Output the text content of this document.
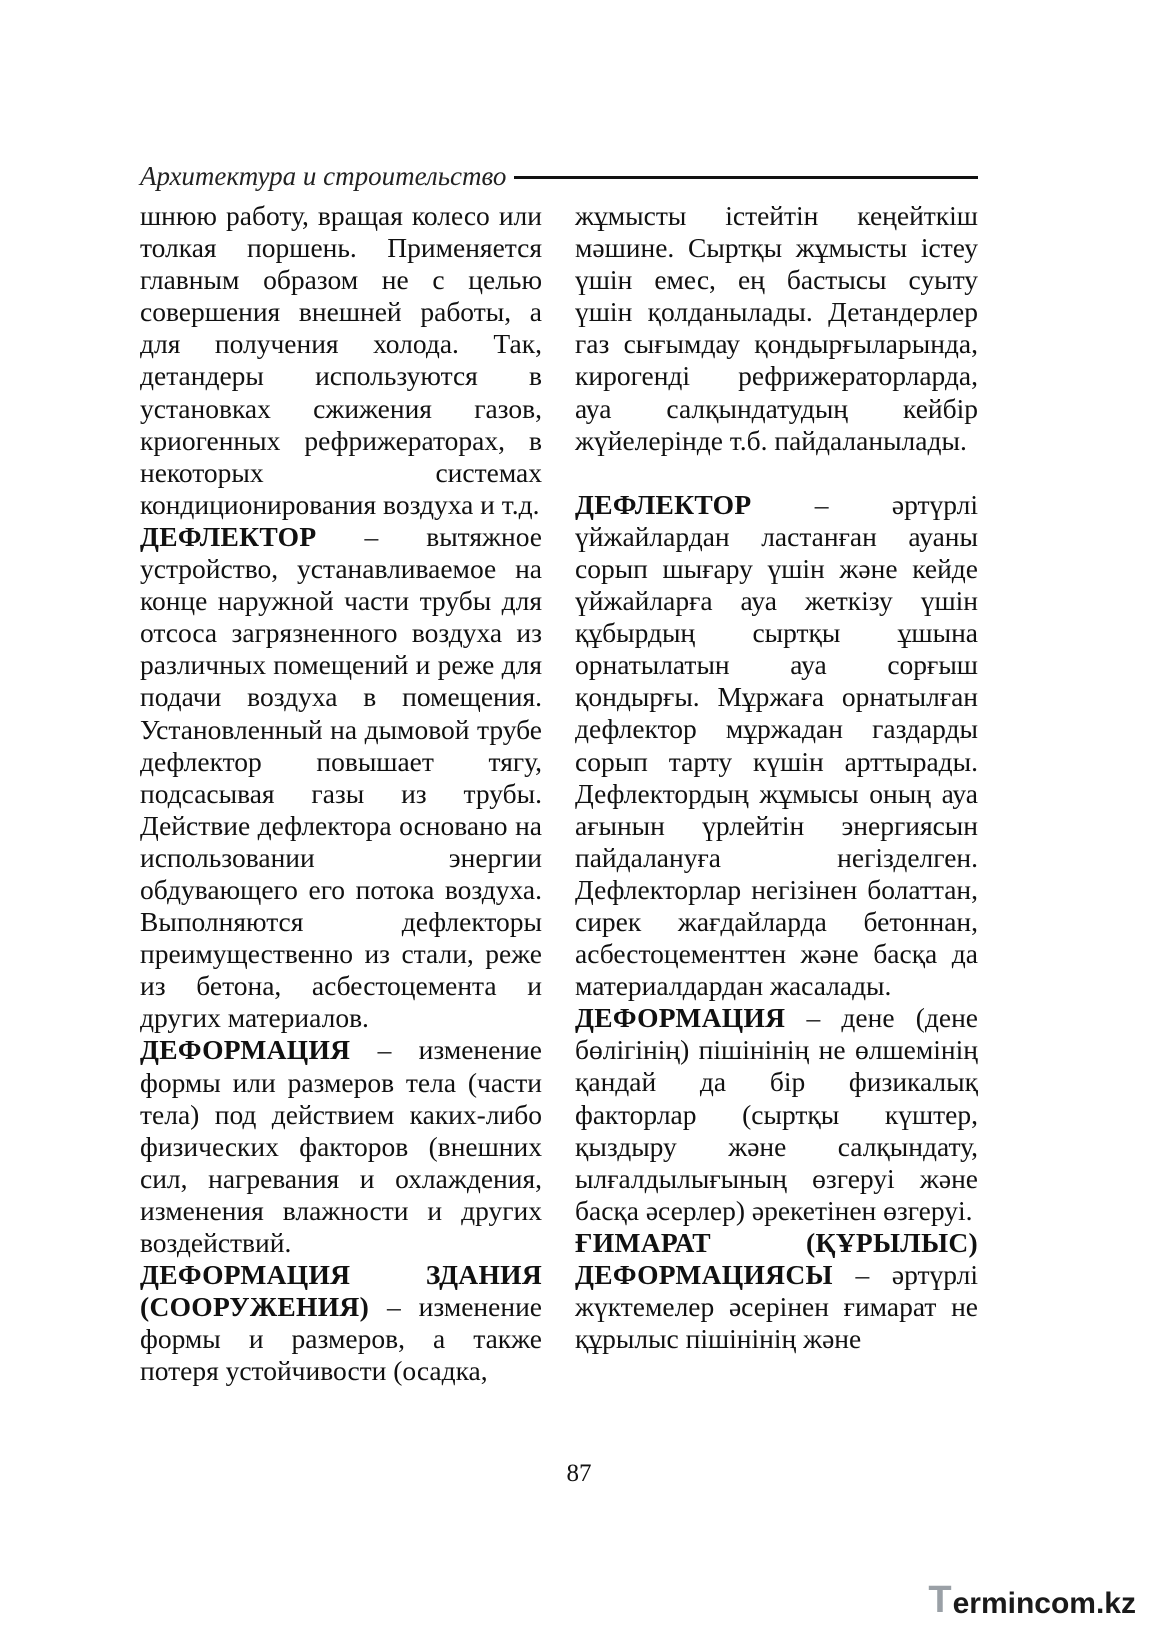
Архитектура и строительство

шнюю работу, вращая колесо или толкая поршень. Применяется главным образом не с целью совершения внешней работы, а для получения холода. Так, детандеры используются в установках сжижения газов, криогенных рефрижераторах, в некоторых системах кондиционирования воздуха и т.д.

ДЕФЛЕКТОР – вытяжное устройство, устанавливаемое на конце наружной части трубы для отсоса загрязненного воздуха из различных помещений и реже для подачи воздуха в помещения. Установленный на дымовой трубе дефлектор повышает тягу, подсасывая газы из трубы. Действие дефлектора основано на использовании энергии обдувающего его потока воздуха. Выполняются дефлекторы преимущественно из стали, реже из бетона, асбестоцемента и других материалов.

ДЕФОРМАЦИЯ – изменение формы или размеров тела (части тела) под действием каких-либо физических факторов (внешних сил, нагревания и охлаждения, изменения влажности и других воздействий.

ДЕФОРМАЦИЯ ЗДАНИЯ (СООРУЖЕНИЯ) – изменение формы и размеров, а также потеря устойчивости (осадка,

жұмысты істейтін кеңейткіш мәшине. Сыртқы жұмысты істеу үшін емес, ең бастысы суыту үшін қолданылады. Детандерлер газ сығымдау қондырғыларында, кирогенді рефрижераторларда, ауа салқындатудың кейбір жүйелерінде т.б. пайдаланылады.

ДЕФЛЕКТОР – әртүрлі үйжайлардан ластанған ауаны сорып шығару үшін және кейде үйжайларға ауа жеткізу үшін құбырдың сыртқы ұшына орнатылатын ауа сорғыш қондырғы. Мұржаға орнатылған дефлектор мұржадан газдарды сорып тарту күшін арттырады. Дефлектордың жұмысы оның ауа ағынын үрлейтін энергиясын пайдалануға негізделген. Дефлекторлар негізінен болаттан, сирек жағдайларда бетоннан, асбестоцементтен және басқа да материалдардан жасалады.

ДЕФОРМАЦИЯ – дене (дене бөлігінің) пішінінің не өлшемінің қандай да бір физикалық факторлар (сыртқы күштер, қыздыру және салқындату, ылғалдылығының өзгеруі және басқа әсерлер) әрекетінен өзгеруі.

ҒИМАРАТ (ҚҰРЫЛЫС) ДЕФОРМАЦИЯСЫ – әртүрлі жүктемелер әсерінен ғимарат не құрылыс пішінінің және

87
T ermincom.kz
